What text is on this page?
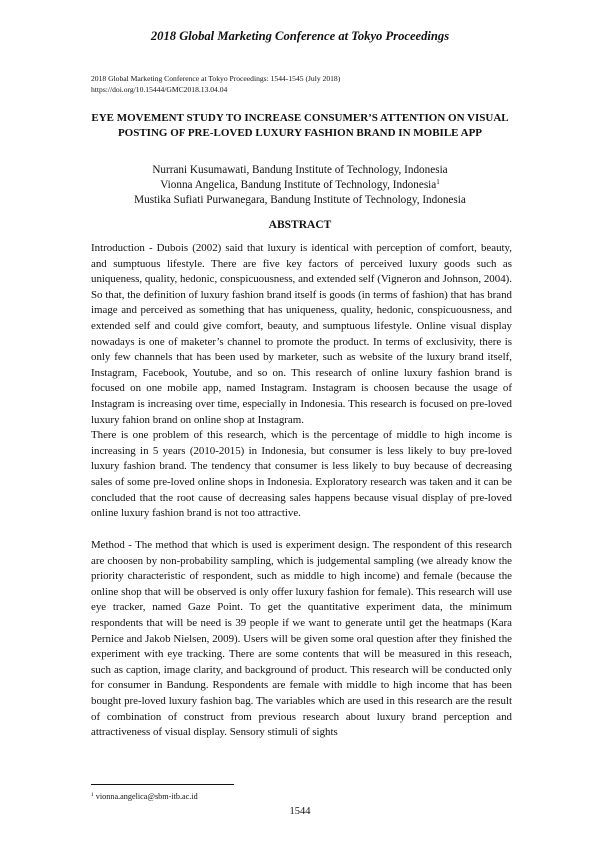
2018 Global Marketing Conference at Tokyo Proceedings
2018 Global Marketing Conference at Tokyo Proceedings: 1544-1545 (July 2018)
https://doi.org/10.15444/GMC2018.13.04.04
EYE MOVEMENT STUDY TO INCREASE CONSUMER’S ATTENTION ON VISUAL POSTING OF PRE-LOVED LUXURY FASHION BRAND IN MOBILE APP
Nurrani Kusumawati, Bandung Institute of Technology, Indonesia
Vionna Angelica, Bandung Institute of Technology, Indonesia$^1$
Mustika Sufiati Purwanegara, Bandung Institute of Technology, Indonesia
ABSTRACT

Introduction - Dubois (2002) said that luxury is identical with perception of comfort, beauty, and sumptuous lifestyle. There are five key factors of perceived luxury goods such as uniqueness, quality, hedonic, conspicuousness, and extended self (Vigneron and Johnson, 2004). So that, the definition of luxury fashion brand itself is goods (in terms of fashion) that has brand image and perceived as something that has uniqueness, quality, hedonic, conspicuousness, and extended self and could give comfort, beauty, and sumptuous lifestyle. Online visual display nowadays is one of maketer’s channel to promote the product. In terms of exclusivity, there is only few channels that has been used by marketer, such as website of the luxury brand itself, Instagram, Facebook, Youtube, and so on. This research of online luxury fashion brand is focused on one mobile app, named Instagram. Instagram is choosen because the usage of Instagram is increasing over time, especially in Indonesia. This research is focused on pre-loved luxury fahion brand on online shop at Instagram.

There is one problem of this research, which is the percentage of middle to high income is increasing in 5 years (2010-2015) in Indonesia, but consumer is less likely to buy pre-loved luxury fashion brand. The tendency that consumer is less likely to buy because of decreasing sales of some pre-loved online shops in Indonesia. Exploratory research was taken and it can be concluded that the root cause of decreasing sales happens because visual display of pre-loved online luxury fashion brand is not too attractive.

Method - The method that which is used is experiment design. The respondent of this research are choosen by non-probability sampling, which is judgemental sampling (we already know the priority characteristic of respondent, such as middle to high income) and female (because the online shop that will be observed is only offer luxury fashion for female). This research will use eye tracker, named Gaze Point. To get the quantitative experiment data, the minimum respondents that will be need is 39 people if we want to generate until get the heatmaps (Kara Pernice and Jakob Nielsen, 2009). Users will be given some oral question after they finished the experiment with eye tracking. There are some contents that will be measured in this reseach, such as caption, image clarity, and background of product. This research will be conducted only for consumer in Bandung. Respondents are female with middle to high income that has been bought pre-loved luxury fashion bag. The variables which are used in this research are the result of combination of construct from previous research about luxury brand perception and attractiveness of visual display. Sensory stimuli of sights

$^1$ vionna.angelica@sbm-itb.ac.id
1544
